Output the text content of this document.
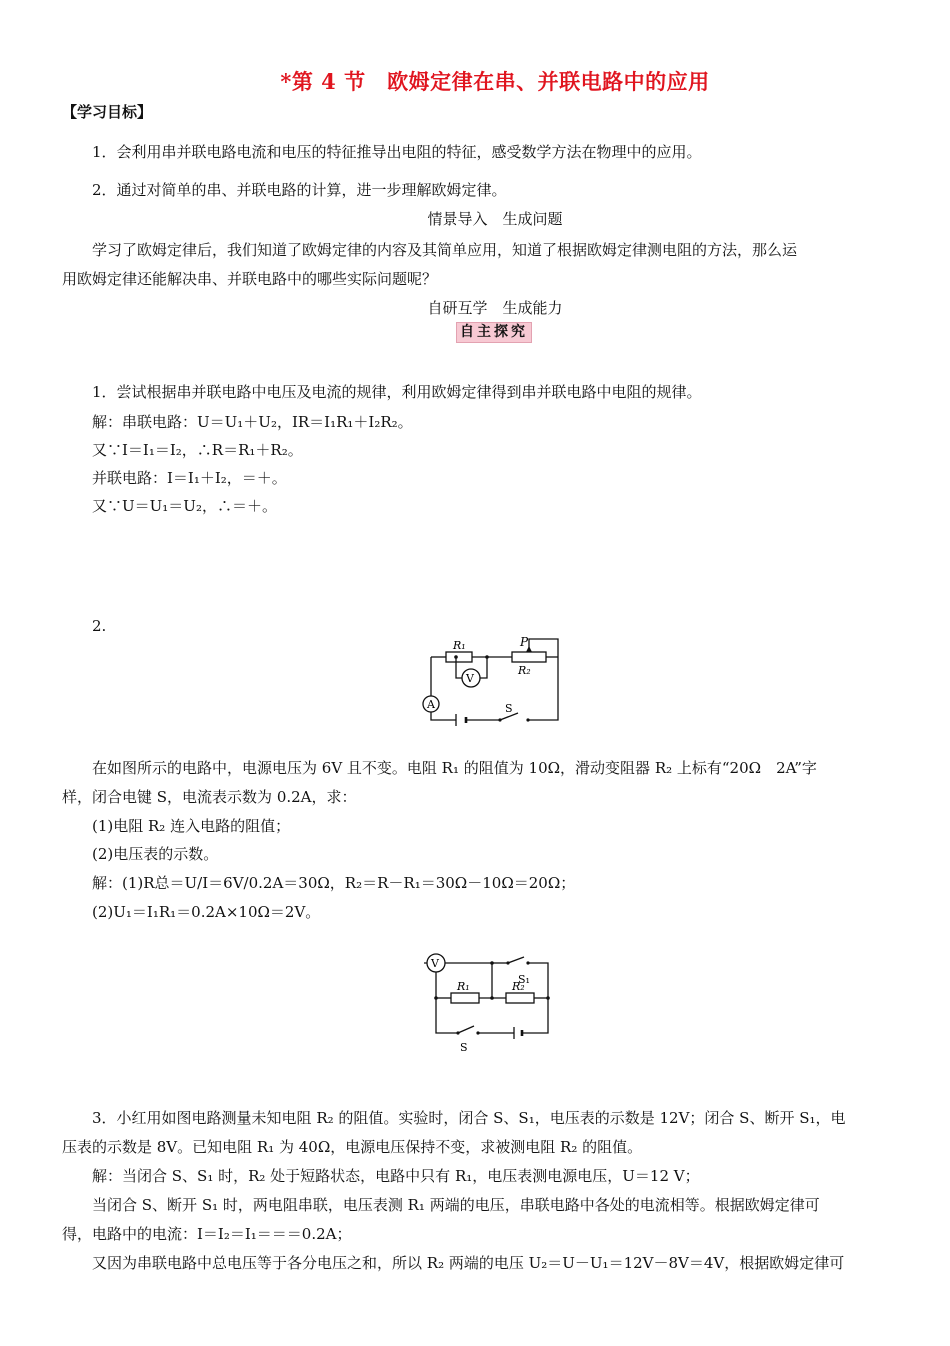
*第 4 节　欧姆定律在串、并联电路中的应用
【学习目标】
1．会利用串并联电路电流和电压的特征推导出电阻的特征，感受数学方法在物理中的应用。
2．通过对简单的串、并联电路的计算，进一步理解欧姆定律。
情景导入　生成问题
学习了欧姆定律后，我们知道了欧姆定律的内容及其简单应用，知道了根据欧姆定律测电阻的方法，那么运
用欧姆定律还能解决串、并联电路中的哪些实际问题呢？
自研互学　生成能力
自主探究
1．尝试根据串并联电路中电压及电流的规律，利用欧姆定律得到串并联电路中电阻的规律。
解：串联电路：U＝U₁＋U₂，IR＝I₁R₁＋I₂R₂。
又∵I＝I₁＝I₂，∴R＝R₁＋R₂。
并联电路：I＝I₁＋I₂，＝＋。
又∵U＝U₁＝U₂，∴＝＋。
2.
R₁
R₂
P
V
A	S
在如图所示的电路中，电源电压为 6V 且不变。电阻 R₁ 的阻值为 10Ω，滑动变阻器 R₂ 上标有“20Ω　2A”字
样，闭合电键 S，电流表示数为 0.2A，求：
(1)电阻 R₂ 连入电路的阻值；
(2)电压表的示数。
解：(1)R总＝U/I＝6V/0.2A＝30Ω，R₂＝R－R₁＝30Ω－10Ω＝20Ω；
(2)U₁＝I₁R₁＝0.2A×10Ω＝2V。
V
R₁	R₂
S₁
S
3．小红用如图电路测量未知电阻 R₂ 的阻值。实验时，闭合 S、S₁，电压表的示数是 12V；闭合 S、断开 S₁，电
压表的示数是 8V。已知电阻 R₁ 为 40Ω，电源电压保持不变，求被测电阻 R₂ 的阻值。
解：当闭合 S、S₁ 时，R₂ 处于短路状态，电路中只有 R₁，电压表测电源电压，U＝12 V；
当闭合 S、断开 S₁ 时，两电阻串联，电压表测 R₁ 两端的电压，串联电路中各处的电流相等。根据欧姆定律可
得，电路中的电流：I＝I₂＝I₁＝＝＝0.2A；
又因为串联电路中总电压等于各分电压之和，所以 R₂ 两端的电压 U₂＝U－U₁＝12V－8V＝4V，根据欧姆定律可
